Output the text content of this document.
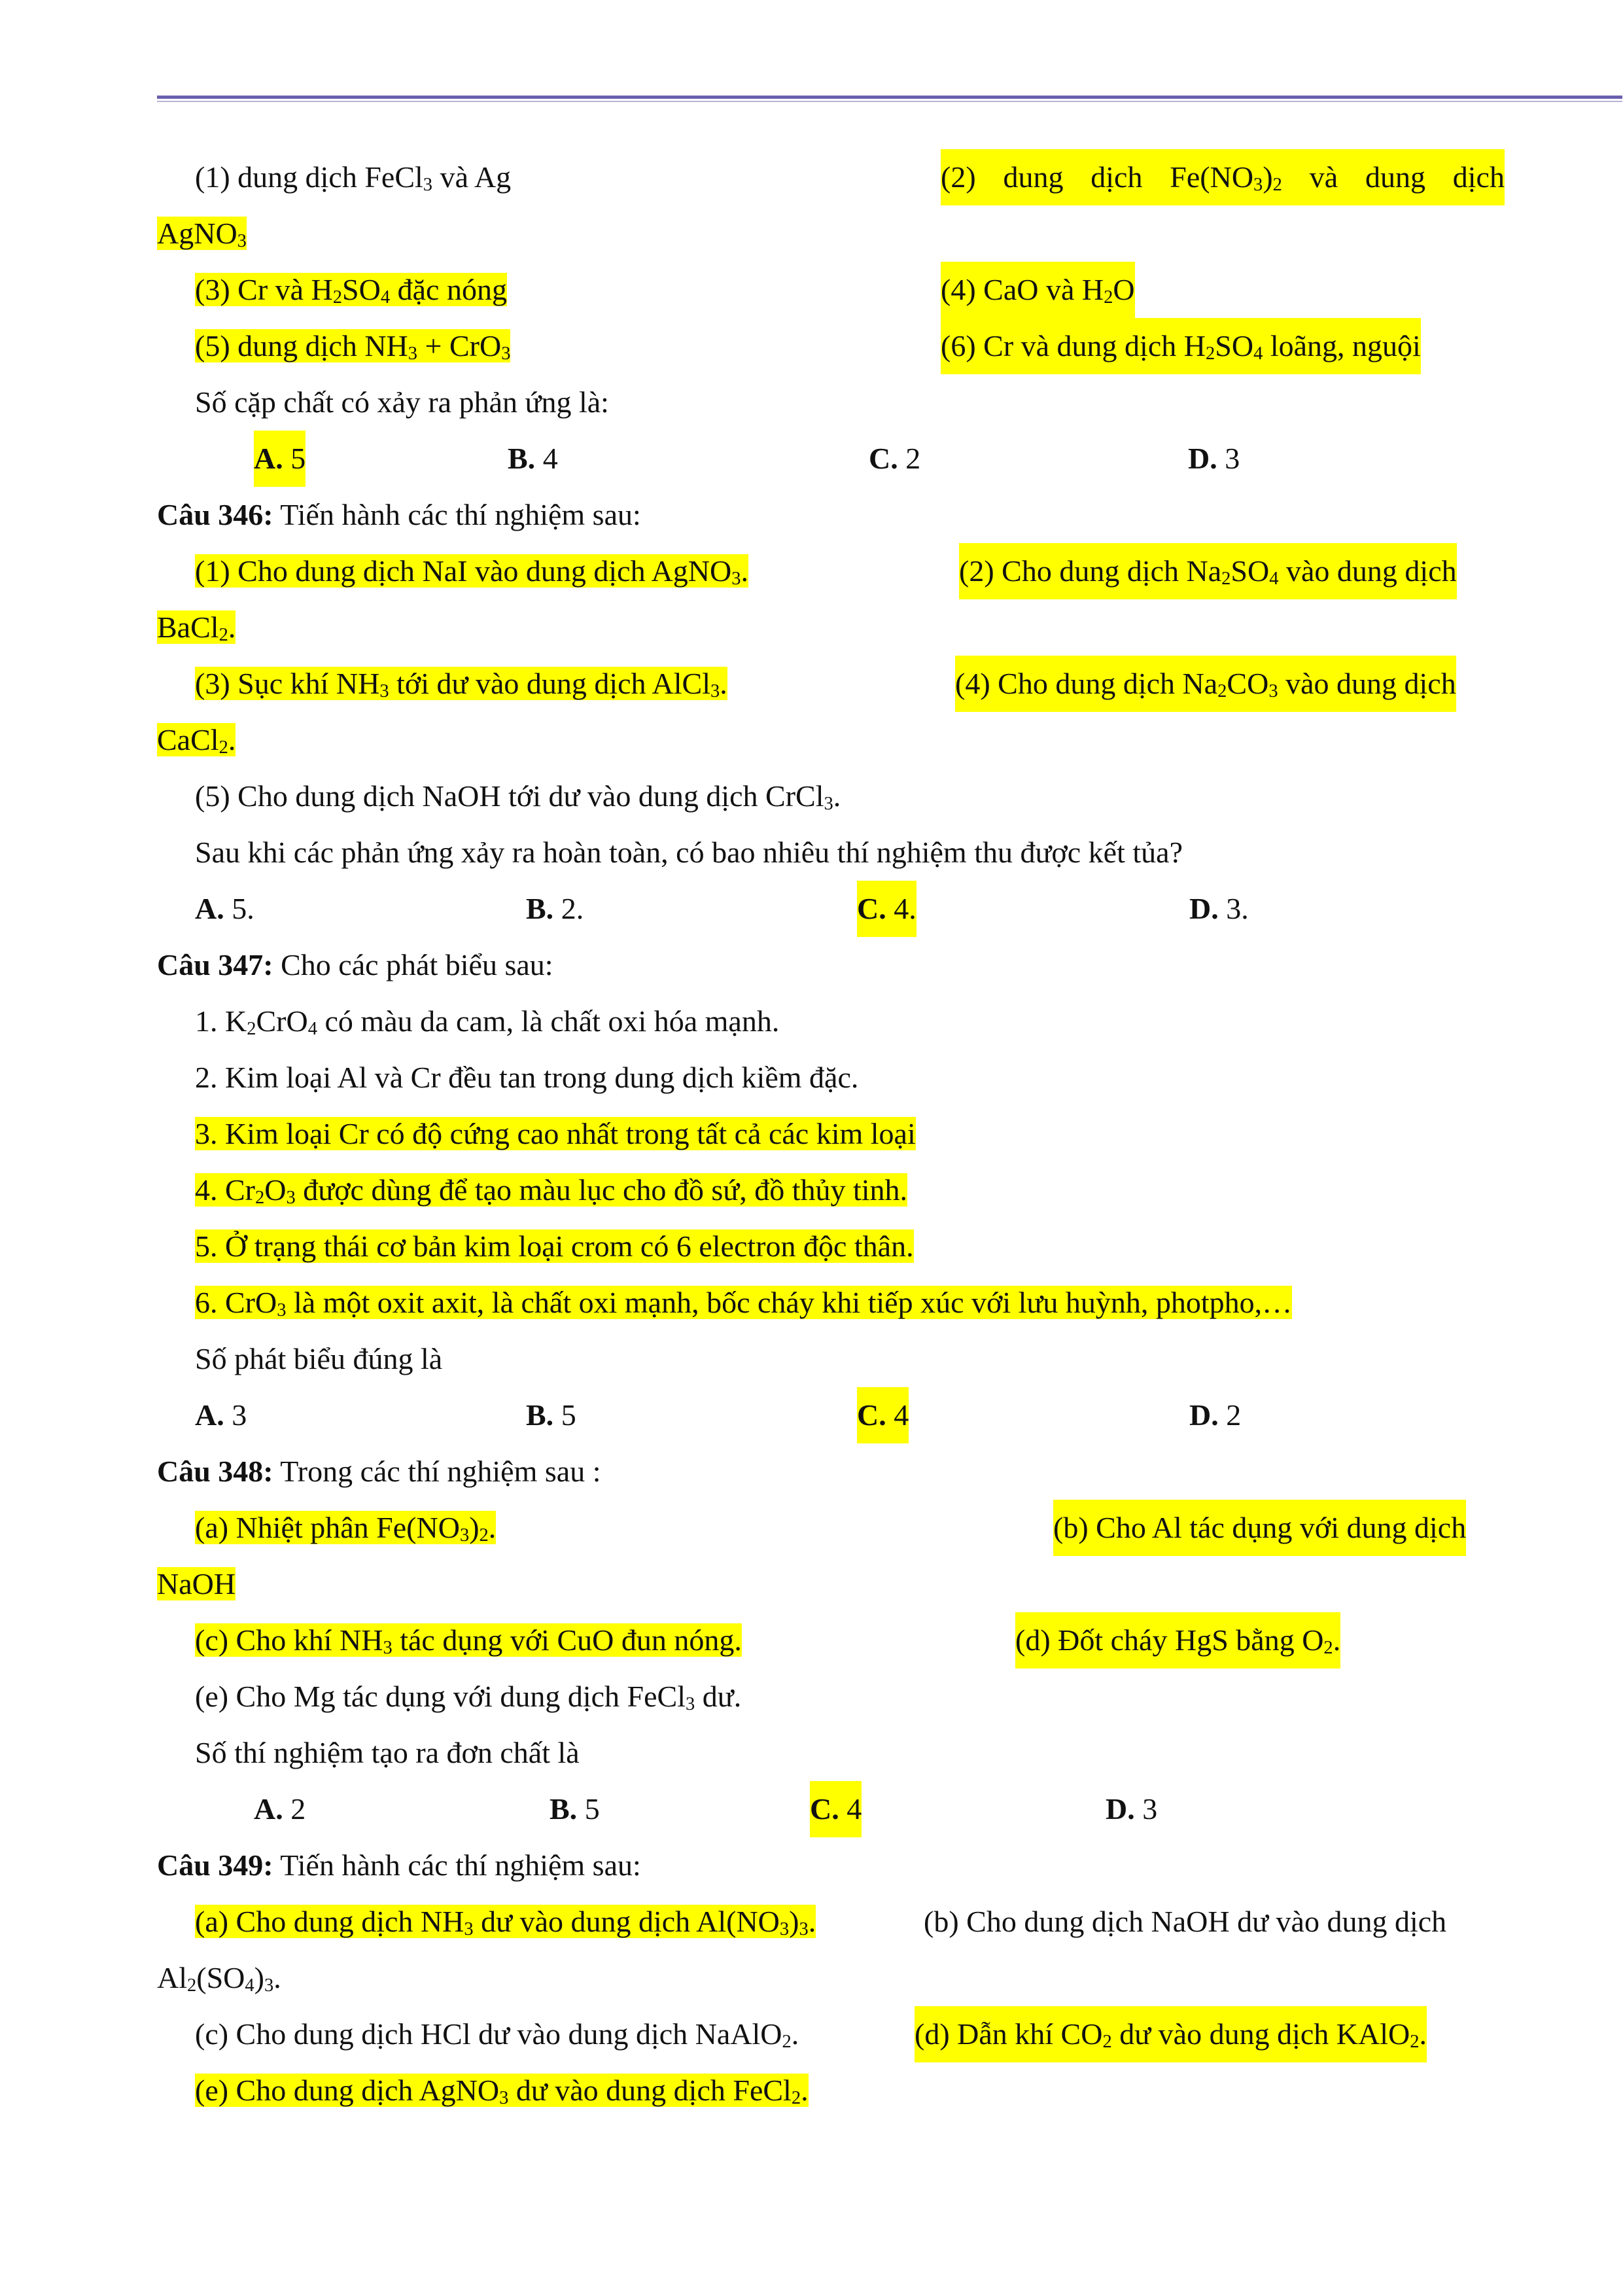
(1) dung dịch FeCl$_3$ và Ag	(2) dung dịch $Fe(NO_3)_2$ và dung dịch
AgNO$_3$
(3) Cr và $H_2SO_4$ đặc nóng	(4) CaO và $H_2O$
(5) dung dịch $NH_3 + CrO_3$	(6) Cr và dung dịch $H_2SO_4$ loãng, nguội
Số cặp chất có xảy ra phản ứng là:
A. 5	B. 4	C. 2	D. 3
Câu 346: Tiến hành các thí nghiệm sau:
(1) Cho dung dịch NaI vào dung dịch AgNO$_3$.	(2) Cho dung dịch $Na_2SO_4$ vào dung dịch
BaCl$_2$.
(3) Sục khí $NH_3$ tới dư vào dung dịch AlCl$_3$.	(4) Cho dung dịch $Na_2CO_3$ vào dung dịch
CaCl$_2$.
(5) Cho dung dịch NaOH tới dư vào dung dịch CrCl$_3$.
Sau khi các phản ứng xảy ra hoàn toàn, có bao nhiêu thí nghiệm thu được kết tủa?
A. 5.	B. 2.	C. 4.	D. 3.
Câu 347: Cho các phát biểu sau:
1. $K_2CrO_4$ có màu da cam, là chất oxi hóa mạnh.
2. Kim loại Al và Cr đều tan trong dung dịch kiềm đặc.
3. Kim loại Cr có độ cứng cao nhất trong tất cả các kim loại
4. $Cr_2O_3$ được dùng để tạo màu lục cho đồ sứ, đồ thủy tinh.
5. Ở trạng thái cơ bản kim loại crom có 6 electron độc thân.
6. CrO$_3$ là một oxit axit, là chất oxi mạnh, bốc cháy khi tiếp xúc với lưu huỳnh, photpho,…
Số phát biểu đúng là
A. 3	B. 5	C. 4	D. 2
Câu 348: Trong các thí nghiệm sau :
(a) Nhiệt phân $Fe(NO_3)_2$.	(b) Cho Al tác dụng với dung dịch
NaOH
(c) Cho khí $NH_3$ tác dụng với CuO đun nóng.	(d) Đốt cháy HgS bằng $O_2$.
(e) Cho Mg tác dụng với dung dịch FeCl$_3$ dư.
Số thí nghiệm tạo ra đơn chất là
A. 2	B. 5	C. 4	D. 3
Câu 349: Tiến hành các thí nghiệm sau:
(a) Cho dung dịch $NH_3$ dư vào dung dịch $Al(NO_3)_3$.	(b) Cho dung dịch NaOH dư vào dung dịch
$Al_2(SO_4)_3$.
(c) Cho dung dịch HCl dư vào dung dịch NaAlO$_2$.	(d) Dẫn khí $CO_2$ dư vào dung dịch KAlO$_2$.
(e) Cho dung dịch AgNO$_3$ dư vào dung dịch FeCl$_2$.
